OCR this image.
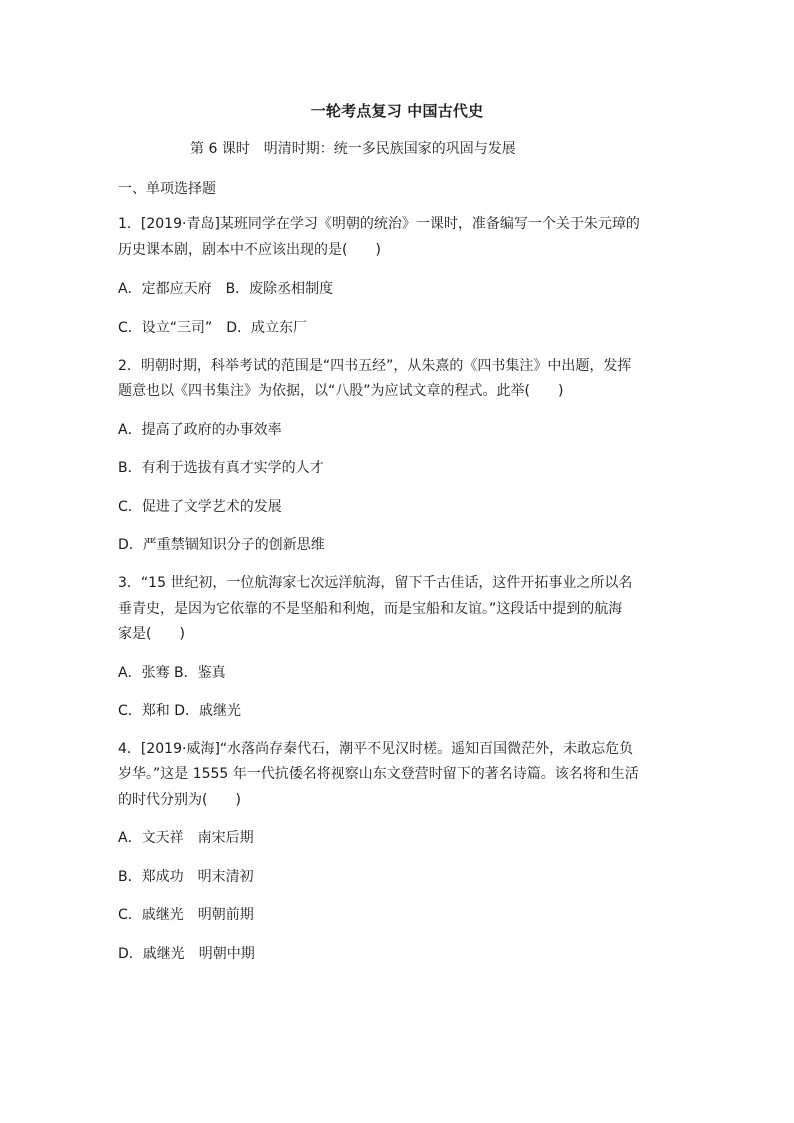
一轮考点复习 中国古代史
第 6 课时　明清时期：统一多民族国家的巩固与发展
一、单项选择题
1．[2019·青岛]某班同学在学习《明朝的统治》一课时，准备编写一个关于朱元璋的
历史课本剧，剧本中不应该出现的是(　　)
A．定都应天府　B．废除丞相制度
C．设立“三司”　D．成立东厂
2．明朝时期，科举考试的范围是“四书五经”，从朱熹的《四书集注》中出题，发挥
题意也以《四书集注》为依据，以“八股”为应试文章的程式。此举(　　)
A．提高了政府的办事效率
B．有利于选拔有真才实学的人才
C．促进了文学艺术的发展
D．严重禁锢知识分子的创新思维
3．“15 世纪初，一位航海家七次远洋航海，留下千古佳话，这件开拓事业之所以名
垂青史，是因为它依靠的不是坚船和利炮，而是宝船和友谊。”这段话中提到的航海
家是(　　)
A．张骞 B．鉴真
C．郑和 D．戚继光
4．[2019·威海]“水落尚存秦代石，潮平不见汉时槎。遥知百国微茫外，未敢忘危负
岁华。”这是 1555 年一代抗倭名将视察山东文登营时留下的著名诗篇。该名将和生活
的时代分别为(　　)
A．文天祥　南宋后期
B．郑成功　明末清初
C．戚继光　明朝前期
D．戚继光　明朝中期
